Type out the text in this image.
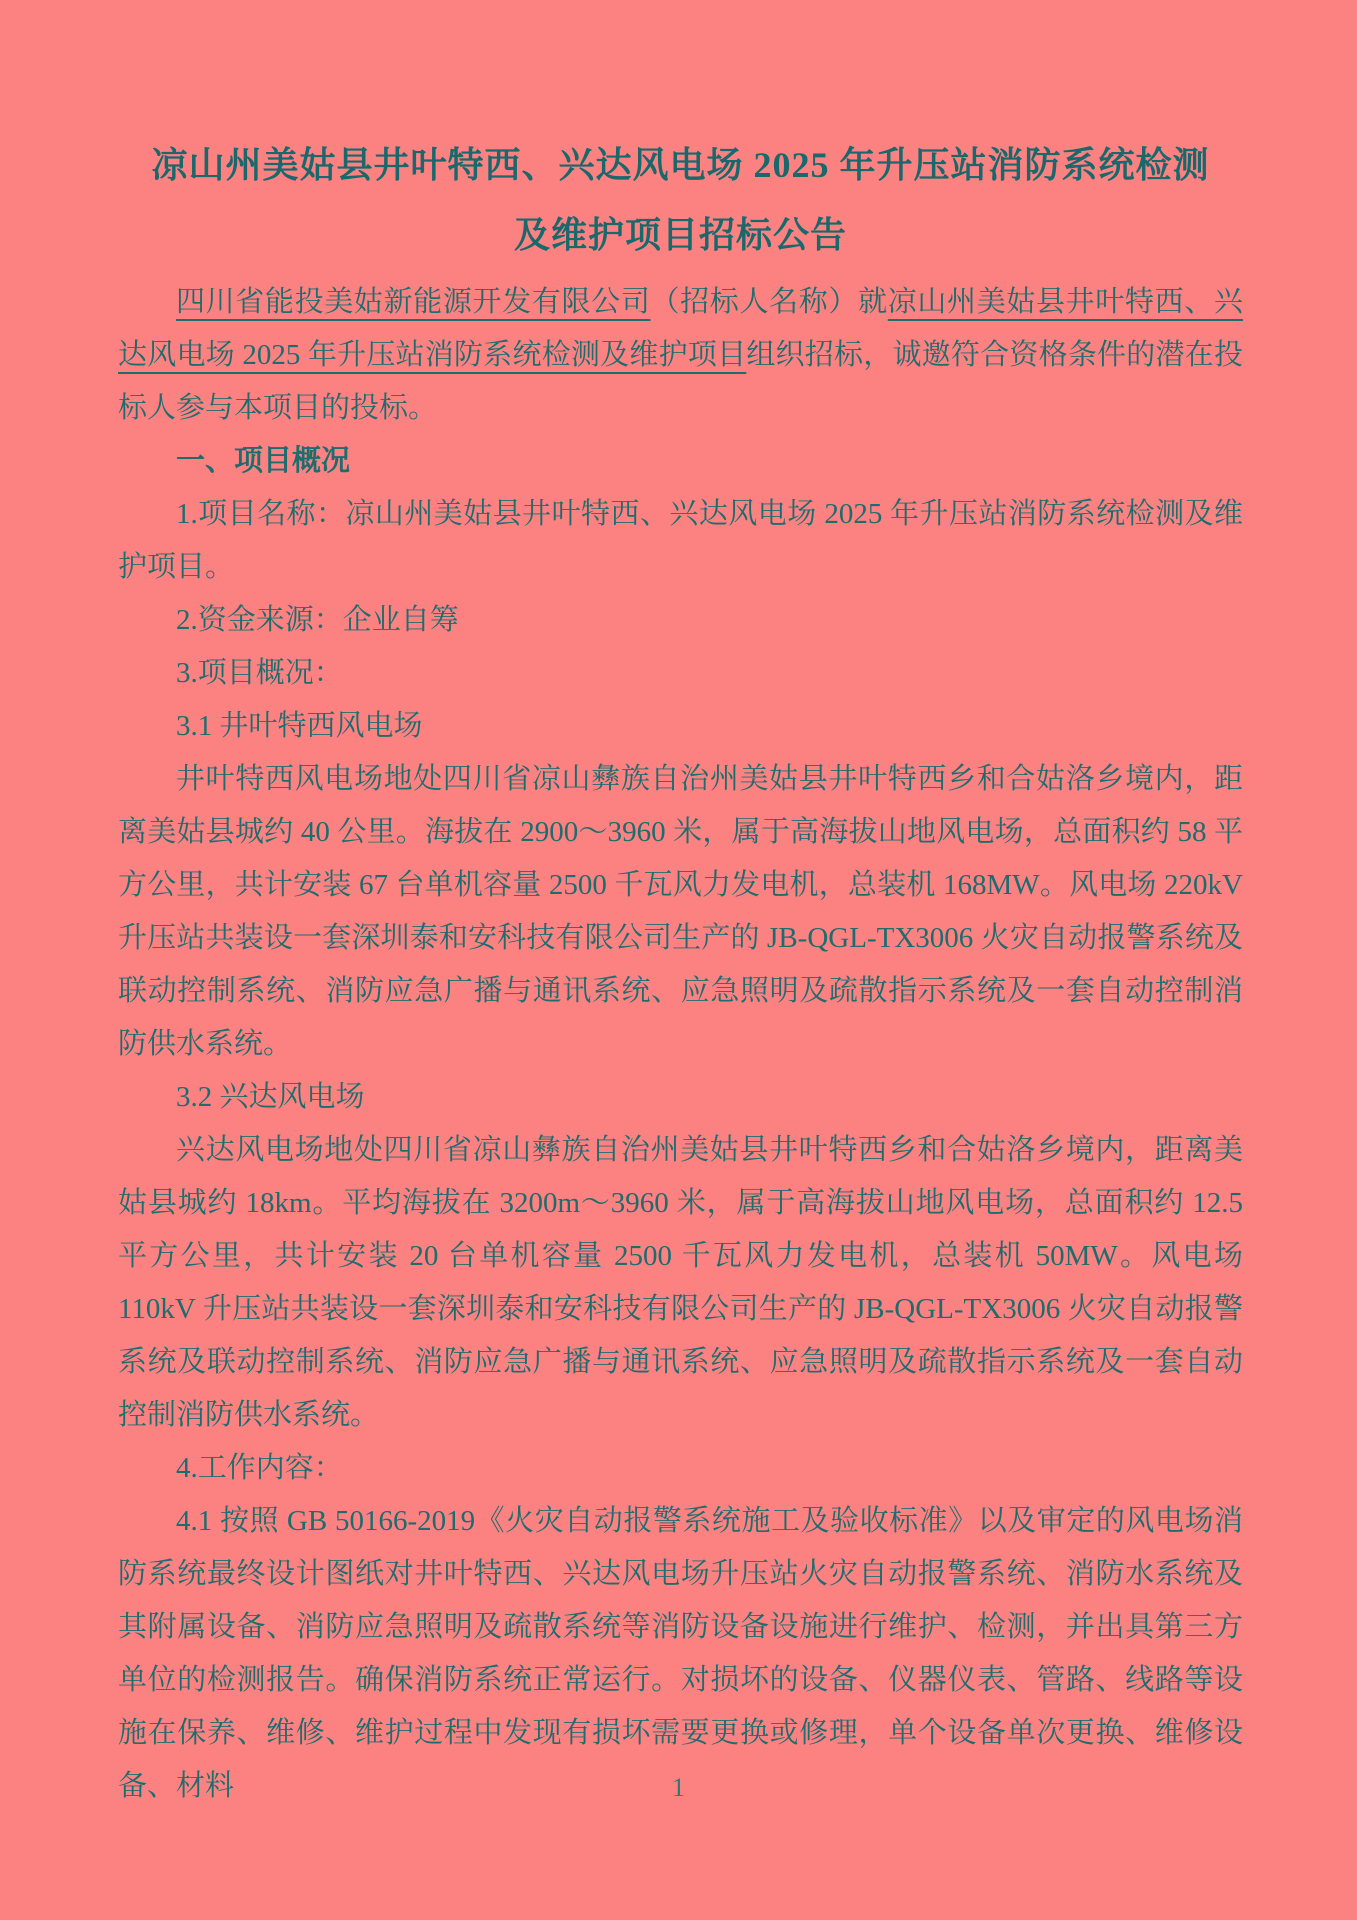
凉山州美姑县井叶特西、兴达风电场 2025 年升压站消防系统检测
及维护项目招标公告

四川省能投美姑新能源开发有限公司（招标人名称）就凉山州美姑县井叶特西、兴达风电场 2025 年升压站消防系统检测及维护项目组织招标，诚邀符合资格条件的潜在投标人参与本项目的投标。

一、项目概况

1.项目名称：凉山州美姑县井叶特西、兴达风电场 2025 年升压站消防系统检测及维护项目。

2.资金来源：企业自筹

3.项目概况：

3.1 井叶特西风电场

井叶特西风电场地处四川省凉山彝族自治州美姑县井叶特西乡和合姑洛乡境内，距离美姑县城约 40 公里。海拔在 2900～3960 米，属于高海拔山地风电场，总面积约 58 平方公里，共计安装 67 台单机容量 2500 千瓦风力发电机，总装机 168MW。风电场 220kV 升压站共装设一套深圳泰和安科技有限公司生产的 JB-QGL-TX3006 火灾自动报警系统及联动控制系统、消防应急广播与通讯系统、应急照明及疏散指示系统及一套自动控制消防供水系统。

3.2 兴达风电场

兴达风电场地处四川省凉山彝族自治州美姑县井叶特西乡和合姑洛乡境内，距离美姑县城约 18km。平均海拔在 3200m～3960 米，属于高海拔山地风电场，总面积约 12.5 平方公里，共计安装 20 台单机容量 2500 千瓦风力发电机，总装机 50MW。风电场 110kV 升压站共装设一套深圳泰和安科技有限公司生产的 JB-QGL-TX3006 火灾自动报警系统及联动控制系统、消防应急广播与通讯系统、应急照明及疏散指示系统及一套自动控制消防供水系统。

4.工作内容：

4.1 按照 GB 50166-2019《火灾自动报警系统施工及验收标准》以及审定的风电场消防系统最终设计图纸对井叶特西、兴达风电场升压站火灾自动报警系统、消防水系统及其附属设备、消防应急照明及疏散系统等消防设备设施进行维护、检测，并出具第三方单位的检测报告。确保消防系统正常运行。对损坏的设备、仪器仪表、管路、线路等设施在保养、维修、维护过程中发现有损坏需要更换或修理，单个设备单次更换、维修设备、材料	1
